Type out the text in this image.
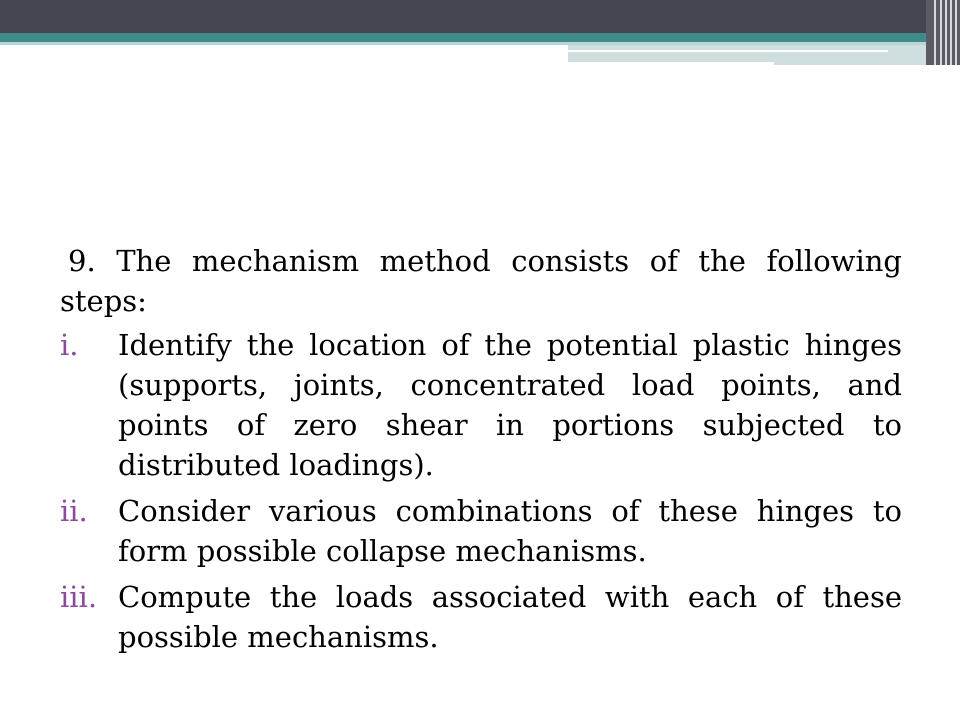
9. The mechanism method consists of the following steps:

i. Identify the location of the potential plastic hinges (supports, joints, concentrated load points, and points of zero shear in portions subjected to distributed loadings).
ii. Consider various combinations of these hinges to form possible collapse mechanisms.
iii. Compute the loads associated with each of these possible mechanisms.
